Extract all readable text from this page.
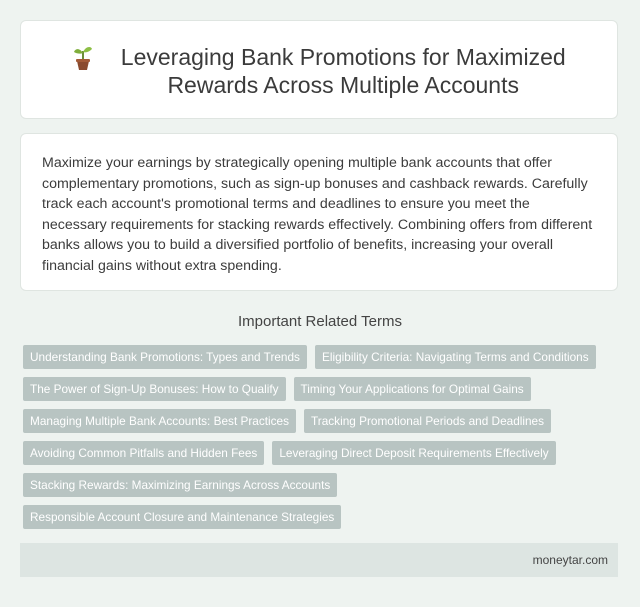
Leveraging Bank Promotions for Maximized
Rewards Across Multiple Accounts
Maximize your earnings by strategically opening multiple bank accounts that offer complementary promotions, such as sign-up bonuses and cashback rewards. Carefully track each account's promotional terms and deadlines to ensure you meet the necessary requirements for stacking rewards effectively. Combining offers from different banks allows you to build a diversified portfolio of benefits, increasing your overall financial gains without extra spending.
Important Related Terms
Understanding Bank Promotions: Types and Trends	Eligibility Criteria: Navigating Terms and Conditions
The Power of Sign-Up Bonuses: How to Qualify	Timing Your Applications for Optimal Gains
Managing Multiple Bank Accounts: Best Practices	Tracking Promotional Periods and Deadlines
Avoiding Common Pitfalls and Hidden Fees	Leveraging Direct Deposit Requirements Effectively
Stacking Rewards: Maximizing Earnings Across Accounts
Responsible Account Closure and Maintenance Strategies
moneytar.com
